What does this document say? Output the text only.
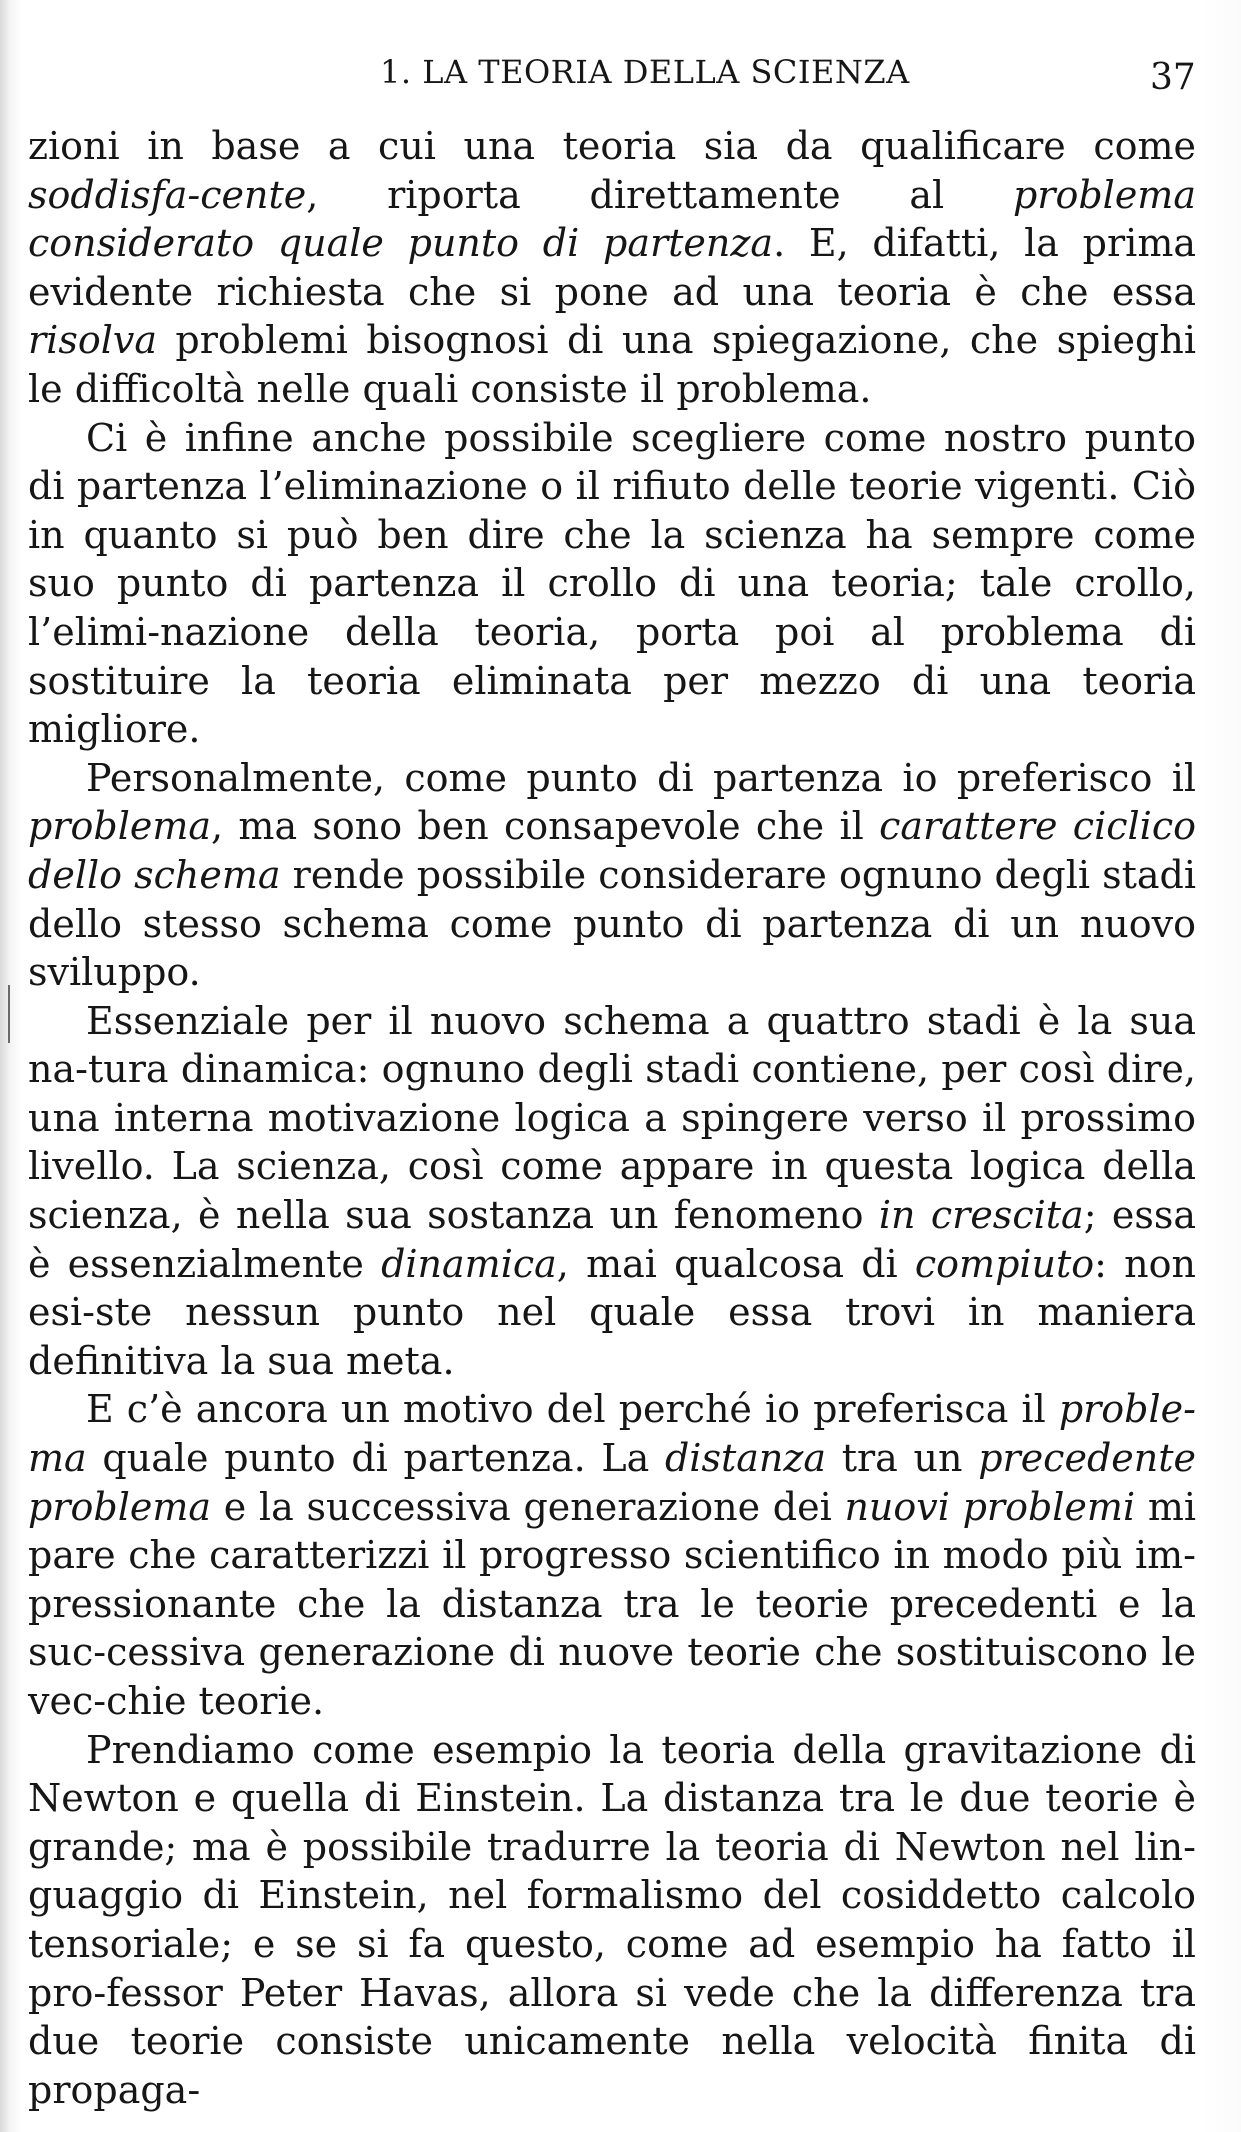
1. LA TEORIA DELLA SCIENZA	37

zioni in base a cui una teoria sia da qualificare come soddisfa-cente, riporta direttamente al problema considerato quale punto di partenza. E, difatti, la prima evidente richiesta che si pone ad una teoria è che essa risolva problemi bisognosi di una spiegazione, che spieghi le difficoltà nelle quali consiste il problema.

Ci è infine anche possibile scegliere come nostro punto di partenza l’eliminazione o il rifiuto delle teorie vigenti. Ciò in quanto si può ben dire che la scienza ha sempre come suo punto di partenza il crollo di una teoria; tale crollo, l’elimi-nazione della teoria, porta poi al problema di sostituire la teoria eliminata per mezzo di una teoria migliore.

Personalmente, come punto di partenza io preferisco il problema, ma sono ben consapevole che il carattere ciclico dello schema rende possibile considerare ognuno degli stadi dello stesso schema come punto di partenza di un nuovo sviluppo.

Essenziale per il nuovo schema a quattro stadi è la sua na-tura dinamica: ognuno degli stadi contiene, per così dire, una interna motivazione logica a spingere verso il prossimo livello. La scienza, così come appare in questa logica della scienza, è nella sua sostanza un fenomeno in crescita; essa è essenzialmente dinamica, mai qualcosa di compiuto: non esi-ste nessun punto nel quale essa trovi in maniera definitiva la sua meta.

E c’è ancora un motivo del perché io preferisca il proble-ma quale punto di partenza. La distanza tra un precedente problema e la successiva generazione dei nuovi problemi mi pare che caratterizzi il progresso scientifico in modo più im-pressionante che la distanza tra le teorie precedenti e la suc-cessiva generazione di nuove teorie che sostituiscono le vec-chie teorie.

Prendiamo come esempio la teoria della gravitazione di Newton e quella di Einstein. La distanza tra le due teorie è grande; ma è possibile tradurre la teoria di Newton nel lin-guaggio di Einstein, nel formalismo del cosiddetto calcolo tensoriale; e se si fa questo, come ad esempio ha fatto il pro-fessor Peter Havas, allora si vede che la differenza tra due teorie consiste unicamente nella velocità finita di propaga-
